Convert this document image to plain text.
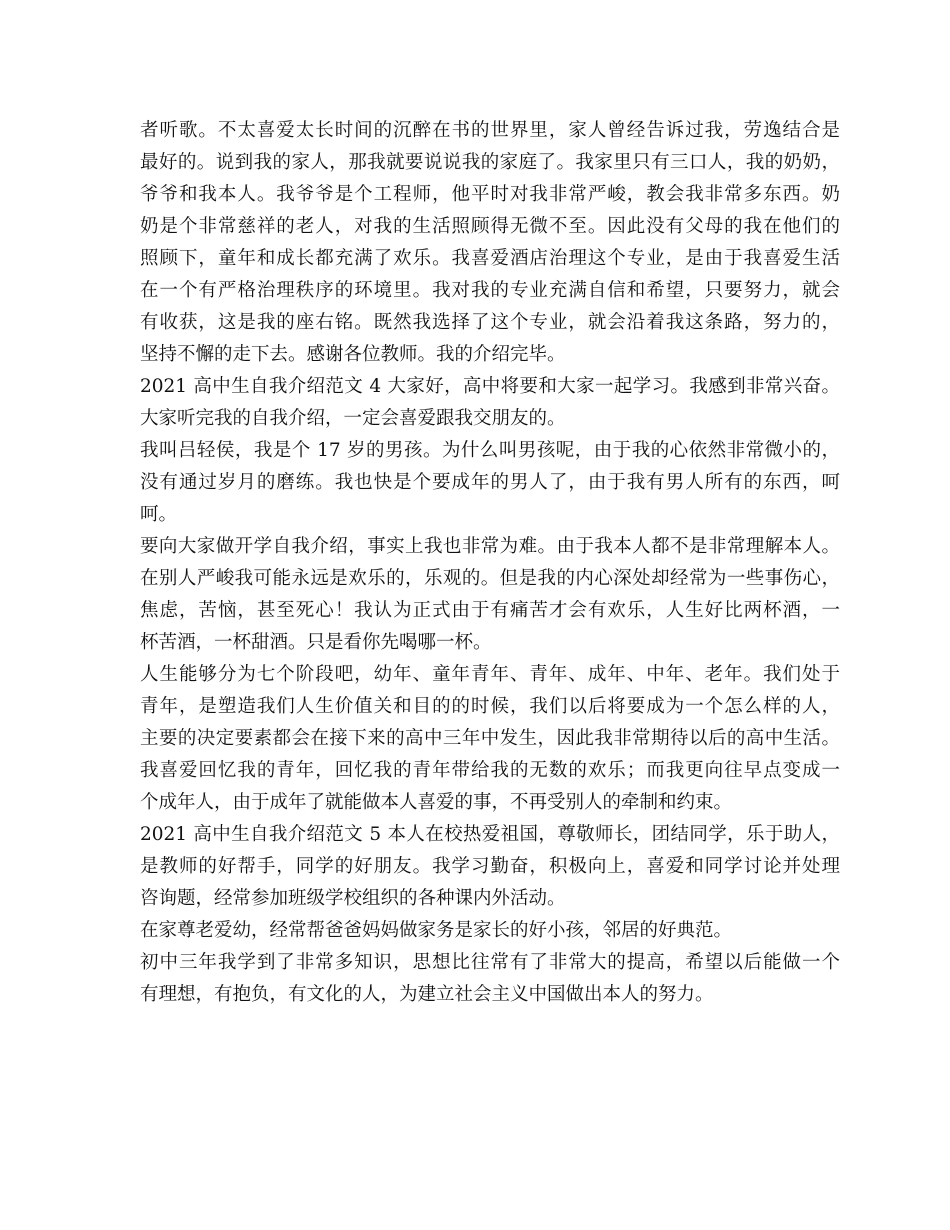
者听歌。不太喜爱太长时间的沉醉在书的世界里，家人曾经告诉过我，劳逸结合是
最好的。说到我的家人，那我就要说说我的家庭了。我家里只有三口人，我的奶奶，
爷爷和我本人。我爷爷是个工程师，他平时对我非常严峻，教会我非常多东西。奶
奶是个非常慈祥的老人，对我的生活照顾得无微不至。因此没有父母的我在他们的
照顾下，童年和成长都充满了欢乐。我喜爱酒店治理这个专业，是由于我喜爱生活
在一个有严格治理秩序的环境里。我对我的专业充满自信和希望，只要努力，就会
有收获，这是我的座右铭。既然我选择了这个专业，就会沿着我这条路，努力的，
坚持不懈的走下去。感谢各位教师。我的介绍完毕。
2021 高中生自我介绍范文 4 大家好，高中将要和大家一起学习。我感到非常兴奋。
大家听完我的自我介绍，一定会喜爱跟我交朋友的。
我叫吕轻侯，我是个 17 岁的男孩。为什么叫男孩呢，由于我的心依然非常微小的，
没有通过岁月的磨练。我也快是个要成年的男人了，由于我有男人所有的东西，呵
呵。
要向大家做开学自我介绍，事实上我也非常为难。由于我本人都不是非常理解本人。
在别人严峻我可能永远是欢乐的，乐观的。但是我的内心深处却经常为一些事伤心，
焦虑，苦恼，甚至死心！我认为正式由于有痛苦才会有欢乐，人生好比两杯酒，一
杯苦酒，一杯甜酒。只是看你先喝哪一杯。
人生能够分为七个阶段吧，幼年、童年青年、青年、成年、中年、老年。我们处于
青年，是塑造我们人生价值关和目的的时候，我们以后将要成为一个怎么样的人，
主要的决定要素都会在接下来的高中三年中发生，因此我非常期待以后的高中生活。
我喜爱回忆我的青年，回忆我的青年带给我的无数的欢乐；而我更向往早点变成一
个成年人，由于成年了就能做本人喜爱的事，不再受别人的牵制和约束。
2021 高中生自我介绍范文 5 本人在校热爱祖国，尊敬师长，团结同学，乐于助人，
是教师的好帮手，同学的好朋友。我学习勤奋，积极向上，喜爱和同学讨论并处理
咨询题，经常参加班级学校组织的各种课内外活动。
在家尊老爱幼，经常帮爸爸妈妈做家务是家长的好小孩，邻居的好典范。
初中三年我学到了非常多知识，思想比往常有了非常大的提高，希望以后能做一个
有理想，有抱负，有文化的人，为建立社会主义中国做出本人的努力。
